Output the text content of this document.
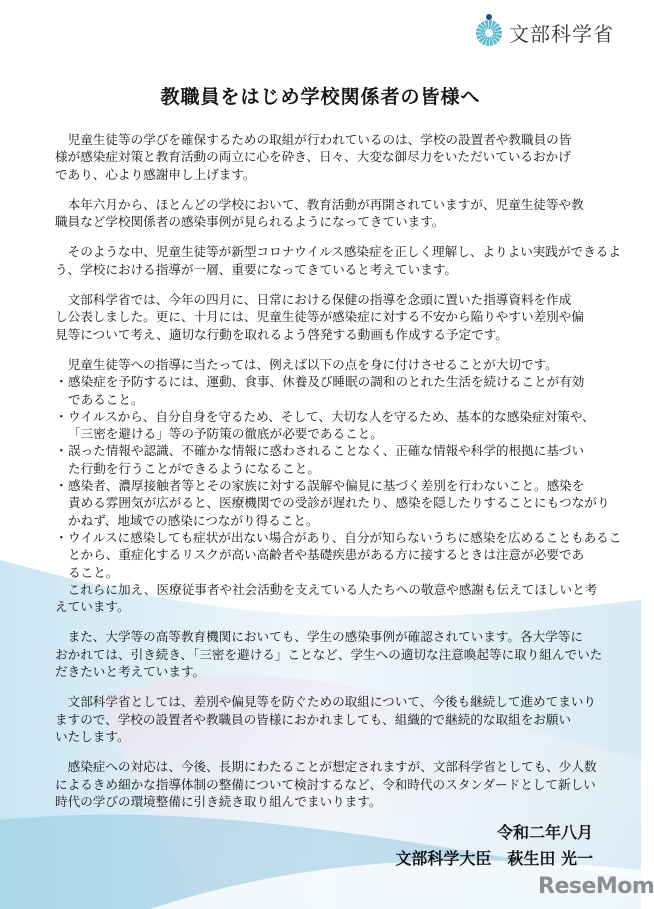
文部科学省
教職員をはじめ学校関係者の皆様へ
　児童生徒等の学びを確保するための取組が行われているのは、学校の設置者や教職員の皆
様が感染症対策と教育活動の両立に心を砕き、日々、大変な御尽力をいただいているおかげ
であり、心より感謝申し上げます。
　本年六月から、ほとんどの学校において、教育活動が再開されていますが、児童生徒等や教
職員など学校関係者の感染事例が見られるようになってきています。
　そのような中、児童生徒等が新型コロナウイルス感染症を正しく理解し、よりよい実践ができるよ
う、学校における指導が一層、重要になってきていると考えています。
　文部科学省では、今年の四月に、日常における保健の指導を念頭に置いた指導資料を作成
し公表しました。更に、十月には、児童生徒等が感染症に対する不安から陥りやすい差別や偏
見等について考え、適切な行動を取れるよう啓発する動画も作成する予定です。
　児童生徒等への指導に当たっては、例えば以下の点を身に付けさせることが大切です。
・ 感染症を予防するには、運動、食事、休養及び睡眠の調和のとれた生活を続けることが有効
であること。
・ ウイルスから、自分自身を守るため、そして、大切な人を守るため、基本的な感染症対策や、
「三密を避ける」等の予防策の徹底が必要であること。
・ 誤った情報や認識、不確かな情報に惑わされることなく、正確な情報や科学的根拠に基づい
た行動を行うことができるようになること。
・ 感染者、濃厚接触者等とその家族に対する誤解や偏見に基づく差別を行わないこと。感染を
責める雰囲気が広がると、医療機関での受診が遅れたり、感染を隠したりすることにもつながり
かねず、地域での感染につながり得ること。
・ ウイルスに感染しても症状が出ない場合があり、自分が知らないうちに感染を広めることもあるこ
とから、重症化するリスクが高い高齢者や基礎疾患がある方に接するときは注意が必要であ
ること。
　これらに加え、医療従事者や社会活動を支えている人たちへの敬意や感謝も伝えてほしいと考
えています。
　また、大学等の高等教育機関においても、学生の感染事例が確認されています。各大学等に
おかれては、引き続き、「三密を避ける」ことなど、学生への適切な注意喚起等に取り組んでいた
だきたいと考えています。
　文部科学省としては、差別や偏見等を防ぐための取組について、今後も継続して進めてまいり
ますので、学校の設置者や教職員の皆様におかれましても、組織的で継続的な取組をお願い
いたします。
　感染症への対応は、今後、長期にわたることが想定されますが、文部科学省としても、少人数
によるきめ細かな指導体制の整備について検討するなど、令和時代のスタンダードとして新しい
時代の学びの環境整備に引き続き取り組んでまいります。
令和二年八月
文部科学大臣　萩生田 光一
ReseMom
